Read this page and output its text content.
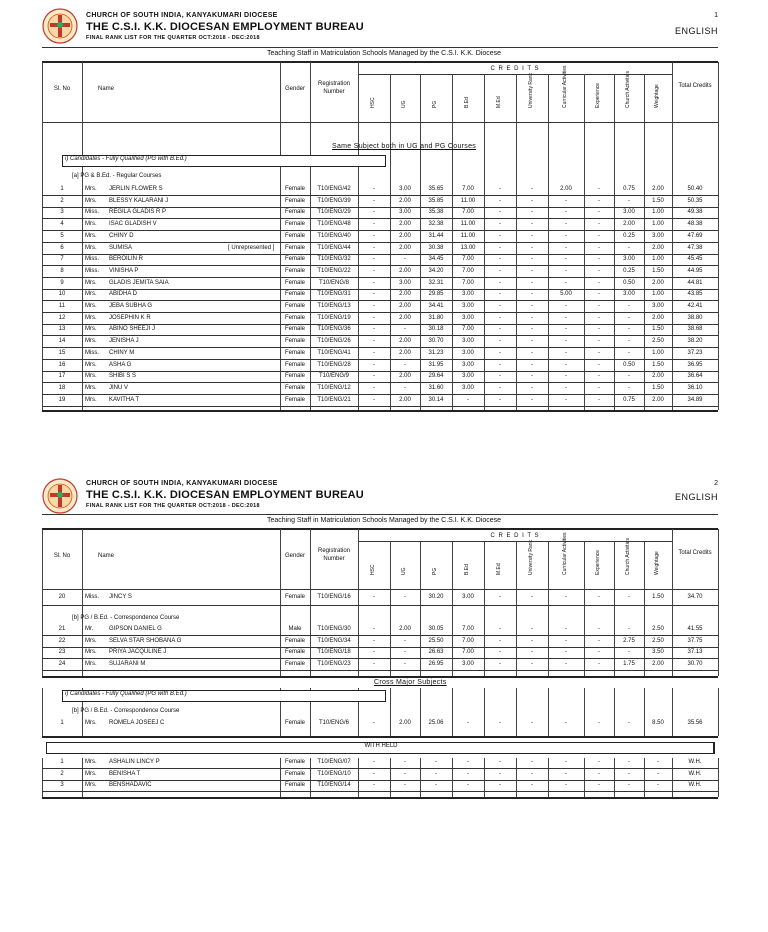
CHURCH OF SOUTH INDIA, KANYAKUMARI DIOCESE
THE C.S.I. K.K. DIOCESAN EMPLOYMENT BUREAU
FINAL RANK LIST FOR THE QUARTER OCT:2018 - DEC:2018
1
ENGLISH
Teaching Staff in Matriculation Schools Managed by the C.S.I. K.K. Diocese
Sl. No	Name	Gender
Registration Number
C R E D I T S
HSC	UG	PG	B.Ed	M.Ed	University Rank	Curricular Activities	Experience	Church Activities	Weightage	Total Credits
Same Subject both in UG and PG Courses
i) Candidates - Fully Qualified (PG with B.Ed.)
[a] PG & B.Ed. - Regular Courses
1	Mrs. JERLIN FLOWER S	Female	T10/ENG/42	-	3.00	35.65	7.00	-	-	2.00	-	0.75	2.00	50.40
2	Mrs. BLESSY KALARANI J	Female	T10/ENG/39	-	2.00	35.85	11.00	-	-	-	-	-	1.50	50.35
3	Miss. REGILA GLADIS R P	Female	T10/ENG/29	-	3.00	35.38	7.00	-	-	-	-	3.00	1.00	49.38
4	Mrs. ISAC GLADISH V	Female	T10/ENG/48	-	2.00	32.38	11.00	-	-	-	-	2.00	1.00	48.38
5	Mrs. CHINY D	Female	T10/ENG/40	-	2.00	31.44	11.00	-	-	-	-	0.25	3.00	47.69
6	Mrs. SUMISA	[ Unrepresented ]	Female	T10/ENG/44	-	2.00	30.38	13.00	-	-	-	-	-	2.00	47.38
7	Miss. BEROILIN R	Female	T10/ENG/32	-	-	34.45	7.00	-	-	-	-	3.00	1.00	45.45
8	Miss. VINISHA P	Female	T10/ENG/22	-	2.00	34.20	7.00	-	-	-	-	0.25	1.50	44.95
9	Mrs. GLADIS JEMITA SAIA	Female	T10/ENG/8	-	3.00	32.31	7.00	-	-	-	-	0.50	2.00	44.81
10	Mrs. ABIDHA D	Female	T10/ENG/31	-	2.00	29.85	3.00	-	-	5.00	-	3.00	1.00	43.85
11	Mrs. JEBA SUBHA G	Female	T10/ENG/13	-	2.00	34.41	3.00	-	-	-	-	-	3.00	42.41
12	Mrs. JOSEPHIN K R	Female	T10/ENG/19	-	2.00	31.80	3.00	-	-	-	-	-	2.00	38.80
13	Mrs. ABINO SHEEJI J	Female	T10/ENG/36	-	-	30.18	7.00	-	-	-	-	-	1.50	38.68
14	Mrs. JENISHA J	Female	T10/ENG/26	-	2.00	30.70	3.00	-	-	-	-	-	2.50	38.20
15	Miss. CHINY M	Female	T10/ENG/41	-	2.00	31.23	3.00	-	-	-	-	-	1.00	37.23
16	Mrs. ASHA G	Female	T10/ENG/28	-	-	31.95	3.00	-	-	-	-	0.50	1.50	36.95
17	Mrs. SHIBI S S	Female	T10/ENG/9	-	2.00	29.64	3.00	-	-	-	-	-	2.00	36.64
18	Mrs. JINU V	Female	T10/ENG/12	-	-	31.60	3.00	-	-	-	-	-	1.50	36.10
19	Mrs. KAVITHA T	Female	T10/ENG/21	-	2.00	30.14	-	-	-	-	-	0.75	2.00	34.89
CHURCH OF SOUTH INDIA, KANYAKUMARI DIOCESE
THE C.S.I. K.K. DIOCESAN EMPLOYMENT BUREAU
FINAL RANK LIST FOR THE QUARTER OCT:2018 - DEC:2018
2
ENGLISH
Teaching Staff in Matriculation Schools Managed by the C.S.I. K.K. Diocese
Sl. No	Name	Gender
Registration Number
C R E D I T S
HSC	UG	PG	B.Ed	M.Ed	University Rank	Curricular Activities	Experience	Church Activities	Weightage	Total Credits
20	Miss. JINCY S	Female	T10/ENG/16	-	-	30.20	3.00	-	-	-	-	-	1.50	34.70
[b] PG / B.Ed. - Correspondence Course
21	Mr.	GIPSON DANIEL G	Male	T10/ENG/30	-	2.00	30.05	7.00	-	-	-	-	-	2.50	41.55
22	Mrs. SELVA STAR SHOBANA G	Female	T10/ENG/34	-	-	25.50	7.00	-	-	-	-	2.75	2.50	37.75
23	Mrs. PRIYA JACQULINE J	Female	T10/ENG/18	-	-	26.63	7.00	-	-	-	-	-	3.50	37.13
24	Mrs. SUJARANI M	Female	T10/ENG/23	-	-	26.95	3.00	-	-	-	-	1.75	2.00	30.70
Cross Major Subjects
i) Candidates - Fully Qualified (PG with B.Ed.)
[b] PG / B.Ed. - Correspondence Course
1	Mrs. ROMELA JOSEEJ C	Female	T10/ENG/6	-	2.00	25.06	-	-	-	-	-	-	8.50	35.56
WITH HELD
1	Mrs. ASHALIN LINCY P	Female	T10/ENG/07	-	-	-	-	-	-	-	-	-	-	W.H.
2	Mrs. BENISHA T	Female	T10/ENG/10	-	-	-	-	-	-	-	-	-	-	W.H.
3	Mrs. BENSHADAVIC	Female	T10/ENG/14	-	-	-	-	-	-	-	-	-	-	W.H.
